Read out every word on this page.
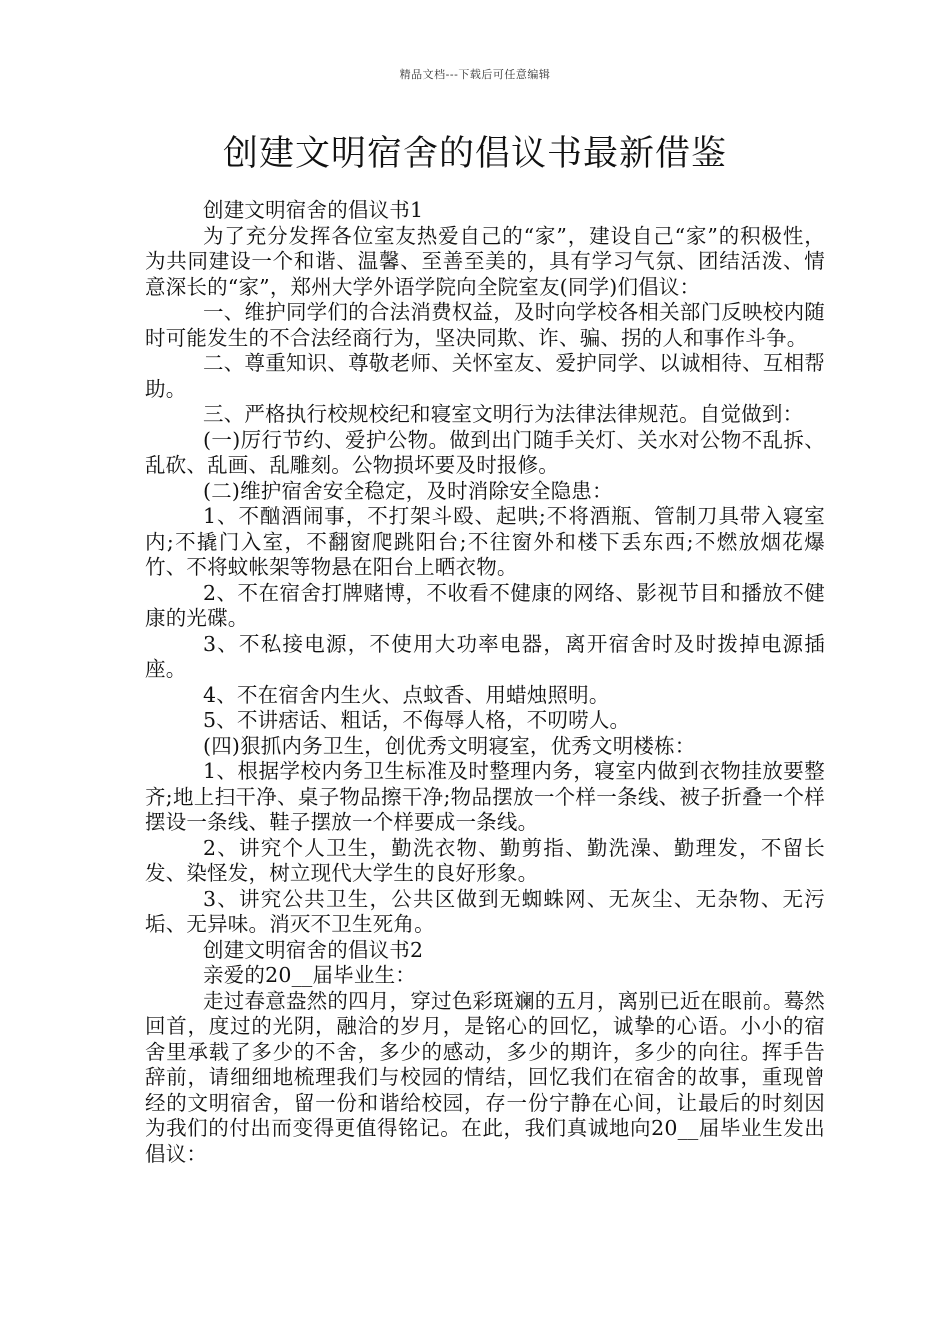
精品文档---下载后可任意编辑
创建文明宿舍的倡议书最新借鉴

创建文明宿舍的倡议书1

为了充分发挥各位室友热爱自己的“家”，建设自己“家”的积极性，为共同建设一个和谐、温馨、至善至美的，具有学习气氛、团结活泼、情意深长的“家”，郑州大学外语学院向全院室友(同学)们倡议：

一、维护同学们的合法消费权益，及时向学校各相关部门反映校内随时可能发生的不合法经商行为，坚决同欺、诈、骗、拐的人和事作斗争。

二、尊重知识、尊敬老师、关怀室友、爱护同学、以诚相待、互相帮助。

三、严格执行校规校纪和寝室文明行为法律法律规范。自觉做到：

(一)厉行节约、爱护公物。做到出门随手关灯、关水对公物不乱拆、乱砍、乱画、乱雕刻。公物损坏要及时报修。

(二)维护宿舍安全稳定，及时消除安全隐患：

1、不酗酒闹事，不打架斗殴、起哄;不将酒瓶、管制刀具带入寝室内;不撬门入室，不翻窗爬跳阳台;不往窗外和楼下丢东西;不燃放烟花爆竹、不将蚊帐架等物悬在阳台上晒衣物。

2、不在宿舍打牌赌博，不收看不健康的网络、影视节目和播放不健康的光碟。

3、不私接电源，不使用大功率电器，离开宿舍时及时拨掉电源插座。

4、不在宿舍内生火、点蚊香、用蜡烛照明。

5、不讲痞话、粗话，不侮辱人格，不叨唠人。

(四)狠抓内务卫生，创优秀文明寝室，优秀文明楼栋：

1、根据学校内务卫生标准及时整理内务，寝室内做到衣物挂放要整齐;地上扫干净、桌子物品擦干净;物品摆放一个样一条线、被子折叠一个样摆设一条线、鞋子摆放一个样要成一条线。

2、讲究个人卫生，勤洗衣物、勤剪指、勤洗澡、勤理发，不留长发、染怪发，树立现代大学生的良好形象。

3、讲究公共卫生，公共区做到无蜘蛛网、无灰尘、无杂物、无污垢、无异味。消灭不卫生死角。

创建文明宿舍的倡议书2

亲爱的20__届毕业生：

走过春意盎然的四月，穿过色彩斑斓的五月，离别已近在眼前。蓦然回首，度过的光阴，融洽的岁月，是铭心的回忆，诚挚的心语。小小的宿舍里承载了多少的不舍，多少的感动，多少的期许，多少的向往。挥手告辞前，请细细地梳理我们与校园的情结，回忆我们在宿舍的故事，重现曾经的文明宿舍，留一份和谐给校园，存一份宁静在心间，让最后的时刻因为我们的付出而变得更值得铭记。在此，我们真诚地向20__届毕业生发出倡议：
